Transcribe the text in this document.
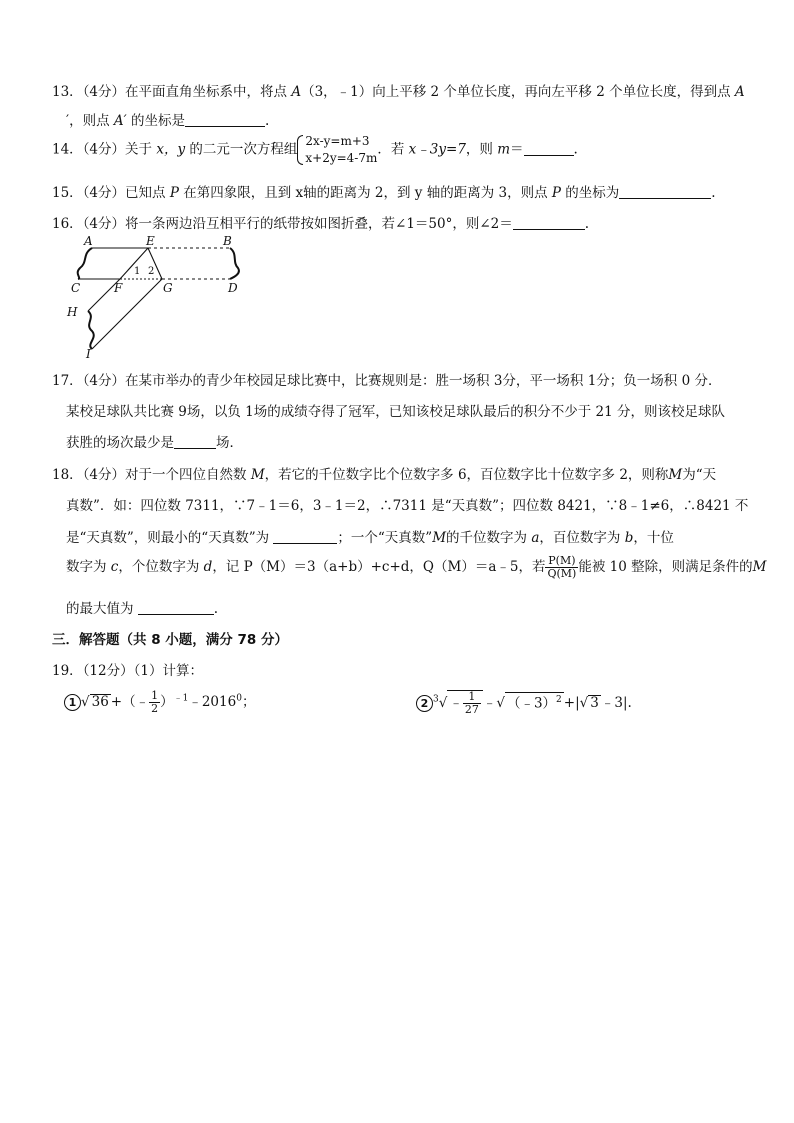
13．（4分）在平面直角坐标系中，将点 A（3，﹣1）向上平移 2 个单位长度，再向左平移 2 个单位长度，得到点 A
′，则点 A′ 的坐标是	.
14．（4分）关于 x，y 的二元一次方程组
2x-y=m+3
x+2y=4-7m
．若 x﹣3y=7，则 m＝	.
15．（4分）已知点 P 在第四象限，且到 x轴的距离为 2，到 y 轴的距离为 3，则点 P 的坐标为	.
16．（4分）将一条两边沿互相平行的纸带按如图折叠，若∠1＝50°，则∠2＝	.
A	E	B
C	F	G	D
H
I
1 2
17．（4分）在某市举办的青少年校园足球比赛中，比赛规则是：胜一场积 3分，平一场积 1分；负一场积 0 分．
某校足球队共比赛 9场，以负 1场的成绩夺得了冠军，已知该校足球队最后的积分不少于 21 分，则该校足球队
获胜的场次最少是	场．
18．（4分）对于一个四位自然数 M，若它的千位数字比个位数字多 6，百位数字比十位数字多 2，则称M为“天
真数”．如：四位数 7311，∵7﹣1＝6，3﹣1＝2，∴7311 是“天真数”；四位数 8421，∵8﹣1≠6，∴8421 不
是“天真数”，则最小的“天真数”为	；一个“天真数”M的千位数字为 a，百位数字为 b，十位
数字为 c，个位数字为 d，记 P（M）＝3（a+b）+c+d，Q（M）＝a﹣5，若 $\frac{P(M)}{Q(M)}$ 能被 10 整除，则满足条件的M
的最大值为	.
三．解答题（共 8 小题，满分 78 分）
19．（12分）（1）计算：
1 √ 36 +（﹣ $\frac{1}{2}$ ）$^{﹣1}$﹣2016$^0$；	2 $^3$√ ﹣ $\frac{1}{27}$ ﹣√ （﹣3）$^2$ +|√ 3 ﹣3|.
